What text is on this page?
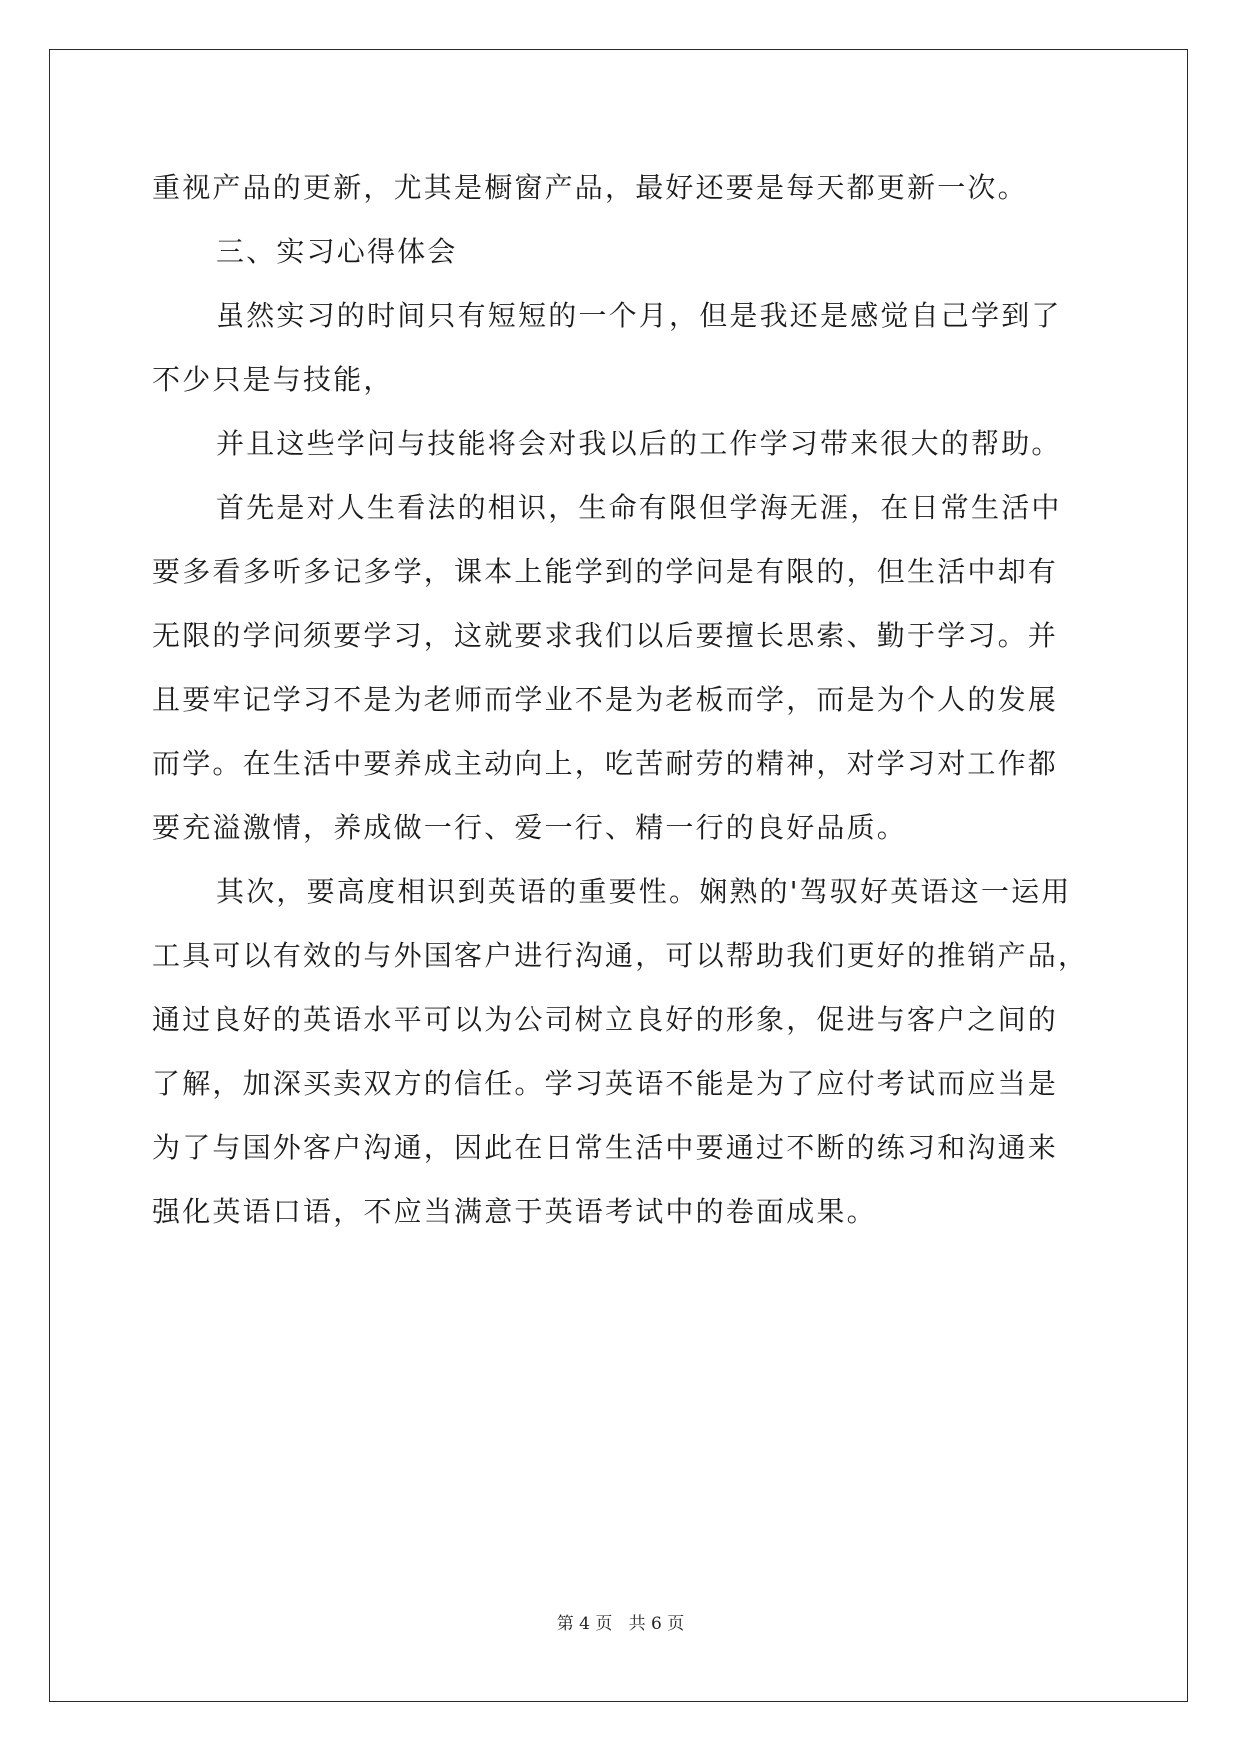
重视产品的更新，尤其是橱窗产品，最好还要是每天都更新一次。
三、实习心得体会
虽然实习的时间只有短短的一个月，但是我还是感觉自己学到了
不少只是与技能，
并且这些学问与技能将会对我以后的工作学习带来很大的帮助。
首先是对人生看法的相识，生命有限但学海无涯，在日常生活中
要多看多听多记多学，课本上能学到的学问是有限的，但生活中却有
无限的学问须要学习，这就要求我们以后要擅长思索、勤于学习。并
且要牢记学习不是为老师而学业不是为老板而学，而是为个人的发展
而学。在生活中要养成主动向上，吃苦耐劳的精神，对学习对工作都
要充溢激情，养成做一行、爱一行、精一行的良好品质。
其次，要高度相识到英语的重要性。娴熟的'驾驭好英语这一运用
工具可以有效的与外国客户进行沟通，可以帮助我们更好的推销产品，
通过良好的英语水平可以为公司树立良好的形象，促进与客户之间的
了解，加深买卖双方的信任。学习英语不能是为了应付考试而应当是
为了与国外客户沟通，因此在日常生活中要通过不断的练习和沟通来
强化英语口语，不应当满意于英语考试中的卷面成果。
第 4 页   共 6 页
